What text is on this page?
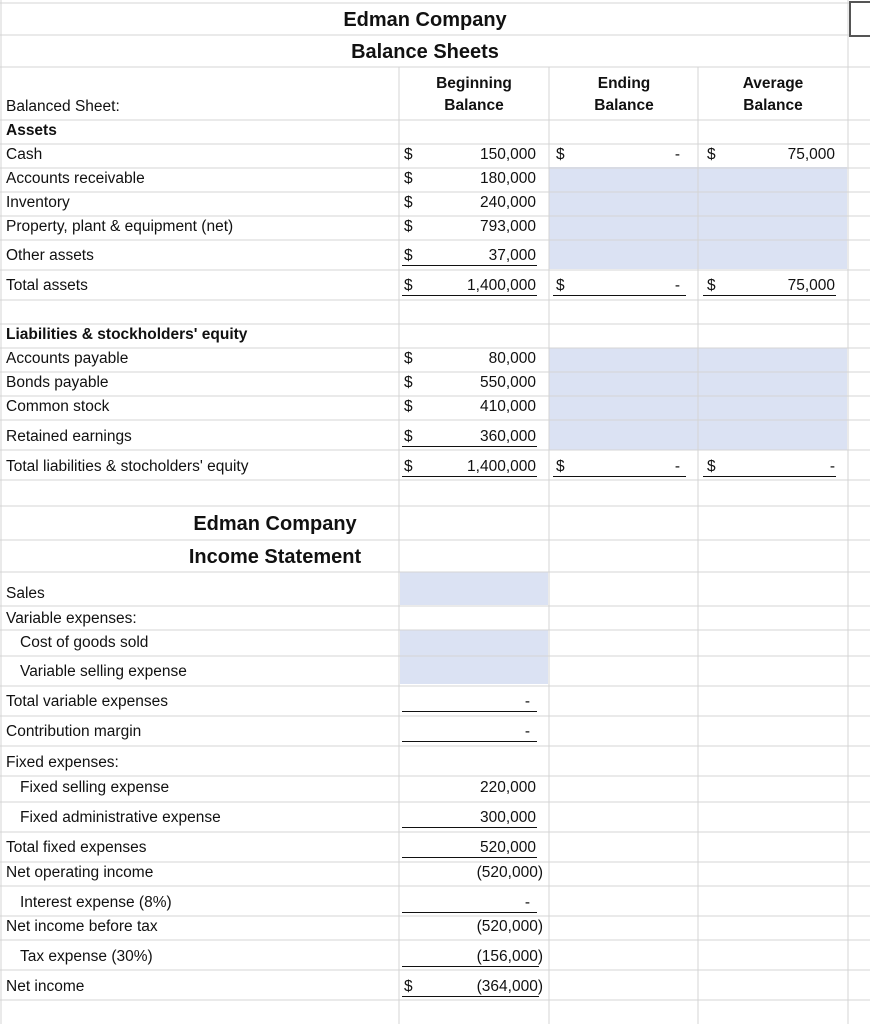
Edman Company
Balance Sheets
Beginning
Balance
Ending
Balance
Average
Balance
Balanced Sheet:
Assets
Cash	$	150,000 $	- $	75,000
Accounts receivable	$	180,000
Inventory	$	240,000
Property, plant & equipment (net)	$	793,000
Other assets	$	37,000
Total assets	$	1,400,000 $	- $	75,000
Liabilities & stockholders' equity
Accounts payable	$	80,000
Bonds payable	$	550,000
Common stock	$	410,000
Retained earnings	$	360,000
Total liabilities & stocholders' equity	$	1,400,000 $	- $	-
Edman Company
Income Statement
Sales
Variable expenses:
Cost of goods sold
Variable selling expense
Total variable expenses	-
Contribution margin	-
Fixed expenses:
Fixed selling expense	220,000
Fixed administrative expense	300,000
Total fixed expenses	520,000
Net operating income	(520,000)
Interest expense (8%)	-
Net income before tax	(520,000)
Tax expense (30%)	(156,000)
Net income	$	(364,000)
